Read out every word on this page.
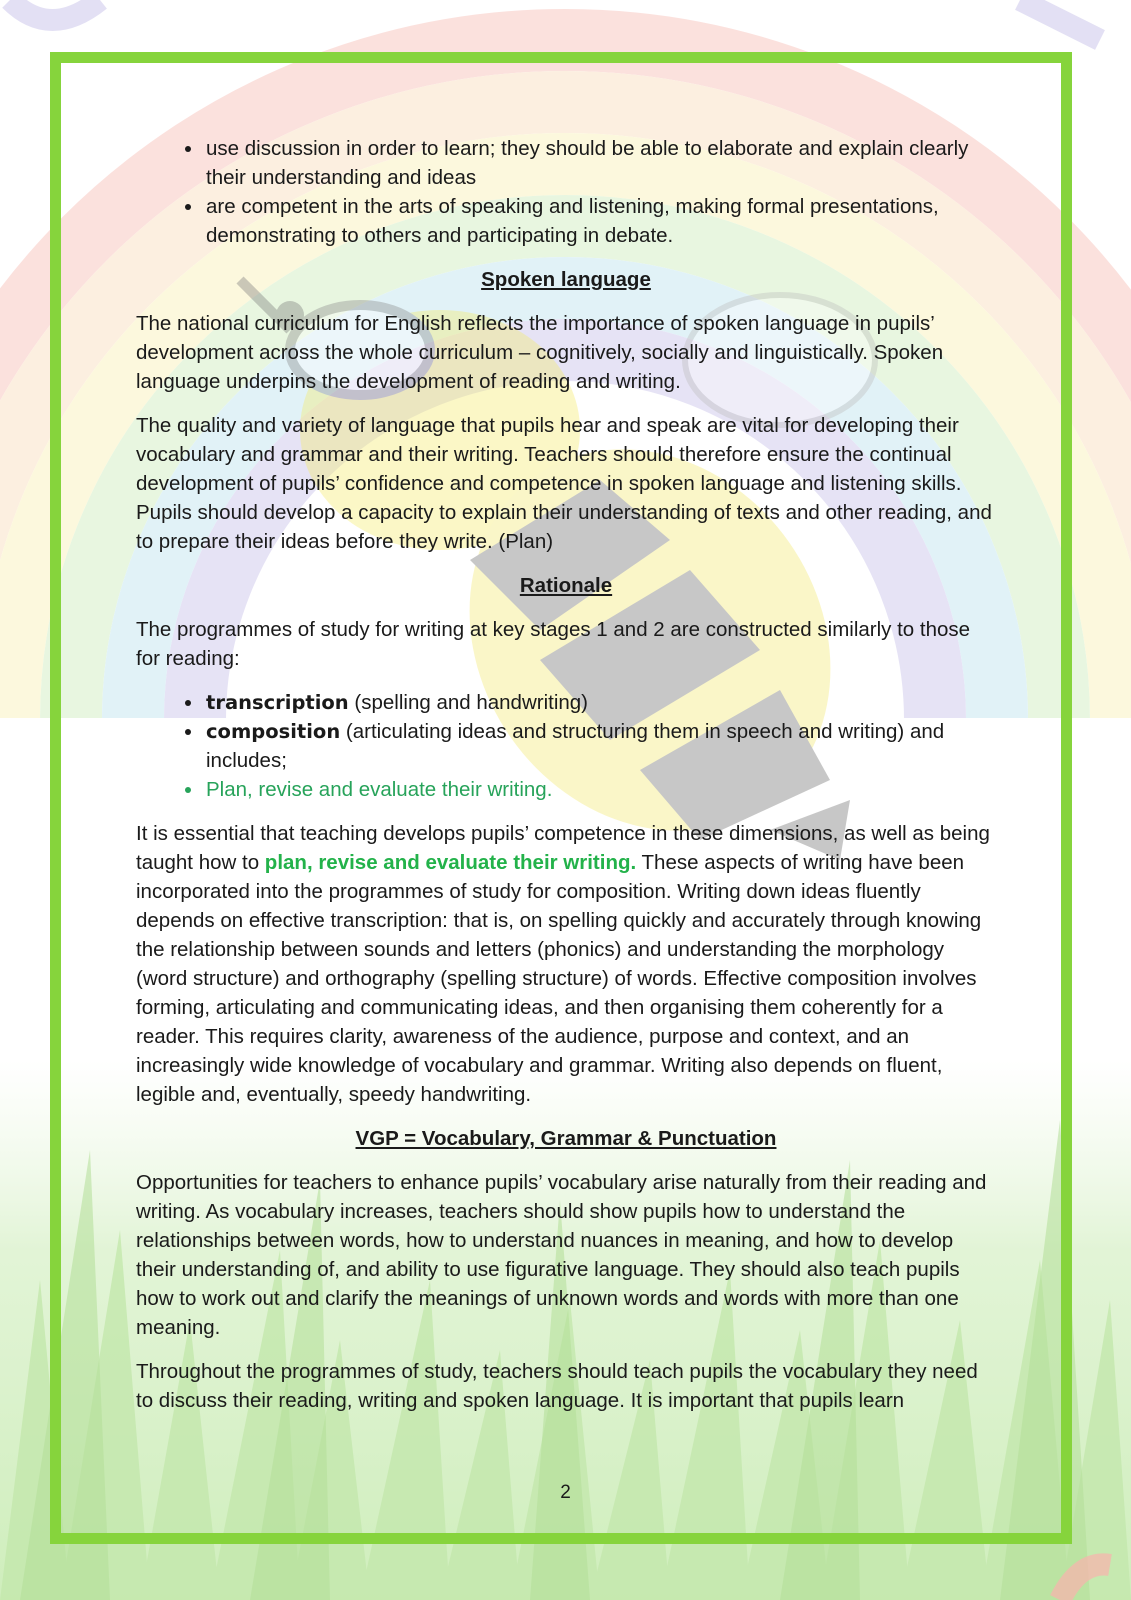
• use discussion in order to learn; they should be able to elaborate and explain clearly their understanding and ideas
• are competent in the arts of speaking and listening, making formal presentations, demonstrating to others and participating in debate.
Spoken language

The national curriculum for English reflects the importance of spoken language in pupils’ development across the whole curriculum – cognitively, socially and linguistically. Spoken language underpins the development of reading and writing.

The quality and variety of language that pupils hear and speak are vital for developing their vocabulary and grammar and their writing. Teachers should therefore ensure the continual development of pupils’ confidence and competence in spoken language and listening skills. Pupils should develop a capacity to explain their understanding of texts and other reading, and to prepare their ideas before they write. (Plan)

Rationale

The programmes of study for writing at key stages 1 and 2 are constructed similarly to those for reading:

• transcription (spelling and handwriting)
• composition (articulating ideas and structuring them in speech and writing) and includes;
• Plan, revise and evaluate their writing.

It is essential that teaching develops pupils’ competence in these dimensions, as well as being taught how to plan, revise and evaluate their writing. These aspects of writing have been incorporated into the programmes of study for composition. Writing down ideas fluently depends on effective transcription: that is, on spelling quickly and accurately through knowing the relationship between sounds and letters (phonics) and understanding the morphology (word structure) and orthography (spelling structure) of words. Effective composition involves forming, articulating and communicating ideas, and then organising them coherently for a reader. This requires clarity, awareness of the audience, purpose and context, and an increasingly wide knowledge of vocabulary and grammar. Writing also depends on fluent, legible and, eventually, speedy handwriting.

VGP = Vocabulary, Grammar & Punctuation

Opportunities for teachers to enhance pupils’ vocabulary arise naturally from their reading and writing. As vocabulary increases, teachers should show pupils how to understand the relationships between words, how to understand nuances in meaning, and how to develop their understanding of, and ability to use figurative language. They should also teach pupils how to work out and clarify the meanings of unknown words and words with more than one meaning.

Throughout the programmes of study, teachers should teach pupils the vocabulary they need to discuss their reading, writing and spoken language. It is important that pupils learn

2
